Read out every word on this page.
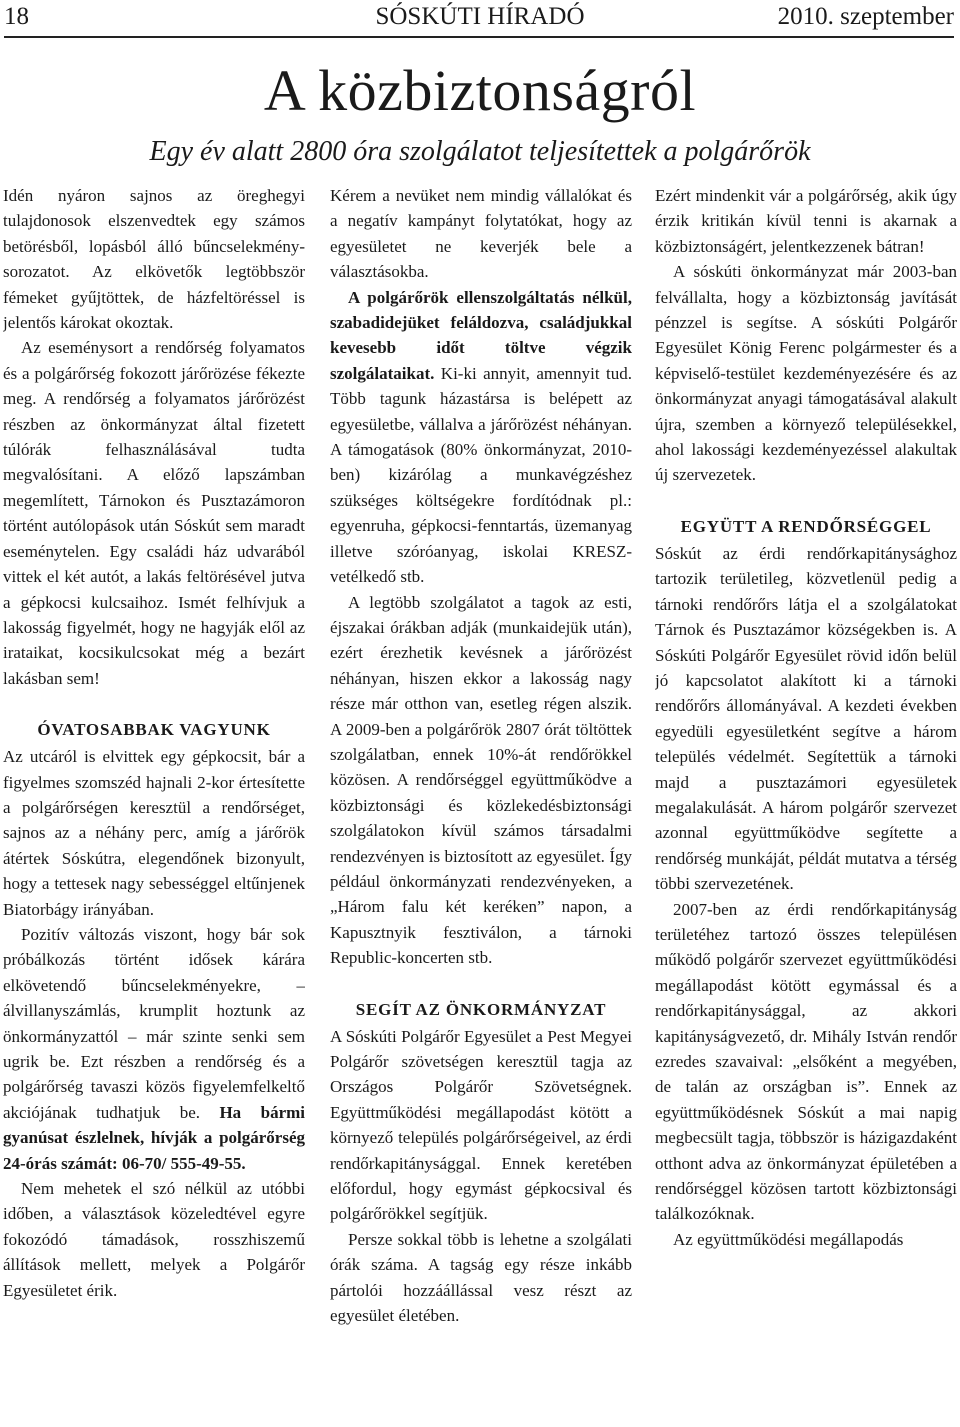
18	SÓSKÚTI HÍRADÓ	2010. szeptember
A közbiztonságról
Egy év alatt 2800 óra szolgálatot teljesítettek a polgárőrök

Idén nyáron sajnos az öreghegyi tulajdonosok elszenvedtek egy számos betörésből, lopásból álló bűncselekmény-sorozatot. Az elkövetők legtöbbször fémeket gyűjtöttek, de házfeltöréssel is jelentős károkat okoztak.

Az eseménysort a rendőrség folyamatos és a polgárőrség fokozott járőrözése fékezte meg. A rendőrség a folyamatos járőrözést részben az önkormányzat által fizetett túlórák felhasználásával tudta megvalósítani. A előző lapszámban megemlített, Tárnokon és Pusztazámoron történt autólopások után Sóskút sem maradt eseménytelen. Egy családi ház udvarából vittek el két autót, a lakás feltörésével jutva a gépkocsi kulcsaihoz. Ismét felhívjuk a lakosság figyelmét, hogy ne hagyják elől az irataikat, kocsikulcsokat még a bezárt lakásban sem!

ÓVATOSABBAK VAGYUNK

Az utcáról is elvittek egy gépkocsit, bár a figyelmes szomszéd hajnali 2-kor értesítette a polgárőrségen keresztül a rendőrséget, sajnos az a néhány perc, amíg a járőrök átértek Sóskútra, elegendőnek bizonyult, hogy a tettesek nagy sebességgel eltűnjenek Biatorbágy irányában.

Pozitív változás viszont, hogy bár sok próbálkozás történt idősek kárára elkövetendő bűncselekményekre, – álvillanyszámlás, krumplit hoztunk az önkormányzattól – már szinte senki sem ugrik be. Ezt részben a rendőrség és a polgárőrség tavaszi közös figyelemfelkeltő akciójának tudhatjuk be. Ha bármi gyanúsat észlelnek, hívják a polgárőrség 24-órás számát: 06-70/ 555-49-55.

Nem mehetek el szó nélkül az utóbbi időben, a választások közeledtével egyre fokozódó támadások, rosszhiszemű állítások mellett, melyek a Polgárőr Egyesületet érik.

Kérem a nevüket nem mindig vállalókat és a negatív kampányt folytatókat, hogy az egyesületet ne keverjék bele a választásokba.

A polgárőrök ellenszolgáltatás nélkül, szabadidejüket feláldozva, családjukkal kevesebb időt töltve végzik szolgálataikat. Ki-ki annyit, amennyit tud. Több tagunk házastársa is belépett az egyesületbe, vállalva a járőrözést néhányan. A támogatások (80% önkormányzat, 2010-ben) kizárólag a munkavégzéshez szükséges költségekre fordítódnak pl.: egyenruha, gépkocsi-fenntartás, üzemanyag illetve szóróanyag, iskolai KRESZ-vetélkedő stb.

A legtöbb szolgálatot a tagok az esti, éjszakai órákban adják (munkaidejük után), ezért érezhetik kevésnek a járőrözést néhányan, hiszen ekkor a lakosság nagy része már otthon van, esetleg régen alszik. A 2009-ben a polgárőrök 2807 órát töltöttek szolgálatban, ennek 10%-át rendőrökkel közösen. A rendőrséggel együttműködve a közbiztonsági és közlekedésbiztonsági szolgálatokon kívül számos társadalmi rendezvényen is biztosított az egyesület. Így például önkormányzati rendezvényeken, a „Három falu két keréken” napon, a Kapusztnyik fesztiválon, a tárnoki Republic-koncerten stb.

SEGÍT AZ ÖNKORMÁNYZAT

A Sóskúti Polgárőr Egyesület a Pest Megyei Polgárőr szövetségen keresztül tagja az Országos Polgárőr Szövetségnek. Együttműködési megállapodást kötött a környező település polgárőrségeivel, az érdi rendőrkapitánysággal. Ennek keretében előfordul, hogy egymást gépkocsival és polgárőrökkel segítjük.

Persze sokkal több is lehetne a szolgálati órák száma. A tagság egy része inkább pártolói hozzáállással vesz részt az egyesület életében.

Ezért mindenkit vár a polgárőrség, akik úgy érzik kritikán kívül tenni is akarnak a közbiztonságért, jelentkezzenek bátran!

A sóskúti önkormányzat már 2003-ban felvállalta, hogy a közbiztonság javítását pénzzel is segítse. A sóskúti Polgárőr Egyesület König Ferenc polgármester és a képviselő-testület kezdeményezésére és az önkormányzat anyagi támogatásával alakult újra, szemben a környező településekkel, ahol lakossági kezdeményezéssel alakultak új szervezetek.

EGYÜTT A RENDŐRSÉGGEL

Sóskút az érdi rendőrkapitánysághoz tartozik területileg, közvetlenül pedig a tárnoki rendőrőrs látja el a szolgálatokat Tárnok és Pusztazámor községekben is. A Sóskúti Polgárőr Egyesület rövid időn belül jó kapcsolatot alakított ki a tárnoki rendőrőrs állományával. A kezdeti években egyedüli egyesületként segítve a három település védelmét. Segítettük a tárnoki majd a pusztazámori egyesületek megalakulását. A három polgárőr szervezet azonnal együttműködve segítette a rendőrség munkáját, példát mutatva a térség többi szervezetének.

2007-ben az érdi rendőrkapitányság területéhez tartozó összes településen működő polgárőr szervezet együttműködési megállapodást kötött egymással és a rendőrkapitánysággal, az akkori kapitányságvezető, dr. Mihály István rendőr ezredes szavaival: „elsőként a megyében, de talán az országban is”. Ennek az együttműködésnek Sóskút a mai napig megbecsült tagja, többször is házigazdaként otthont adva az önkormányzat épületében a rendőrséggel közösen tartott közbiztonsági találkozóknak.

Az együttműködési megállapodás
